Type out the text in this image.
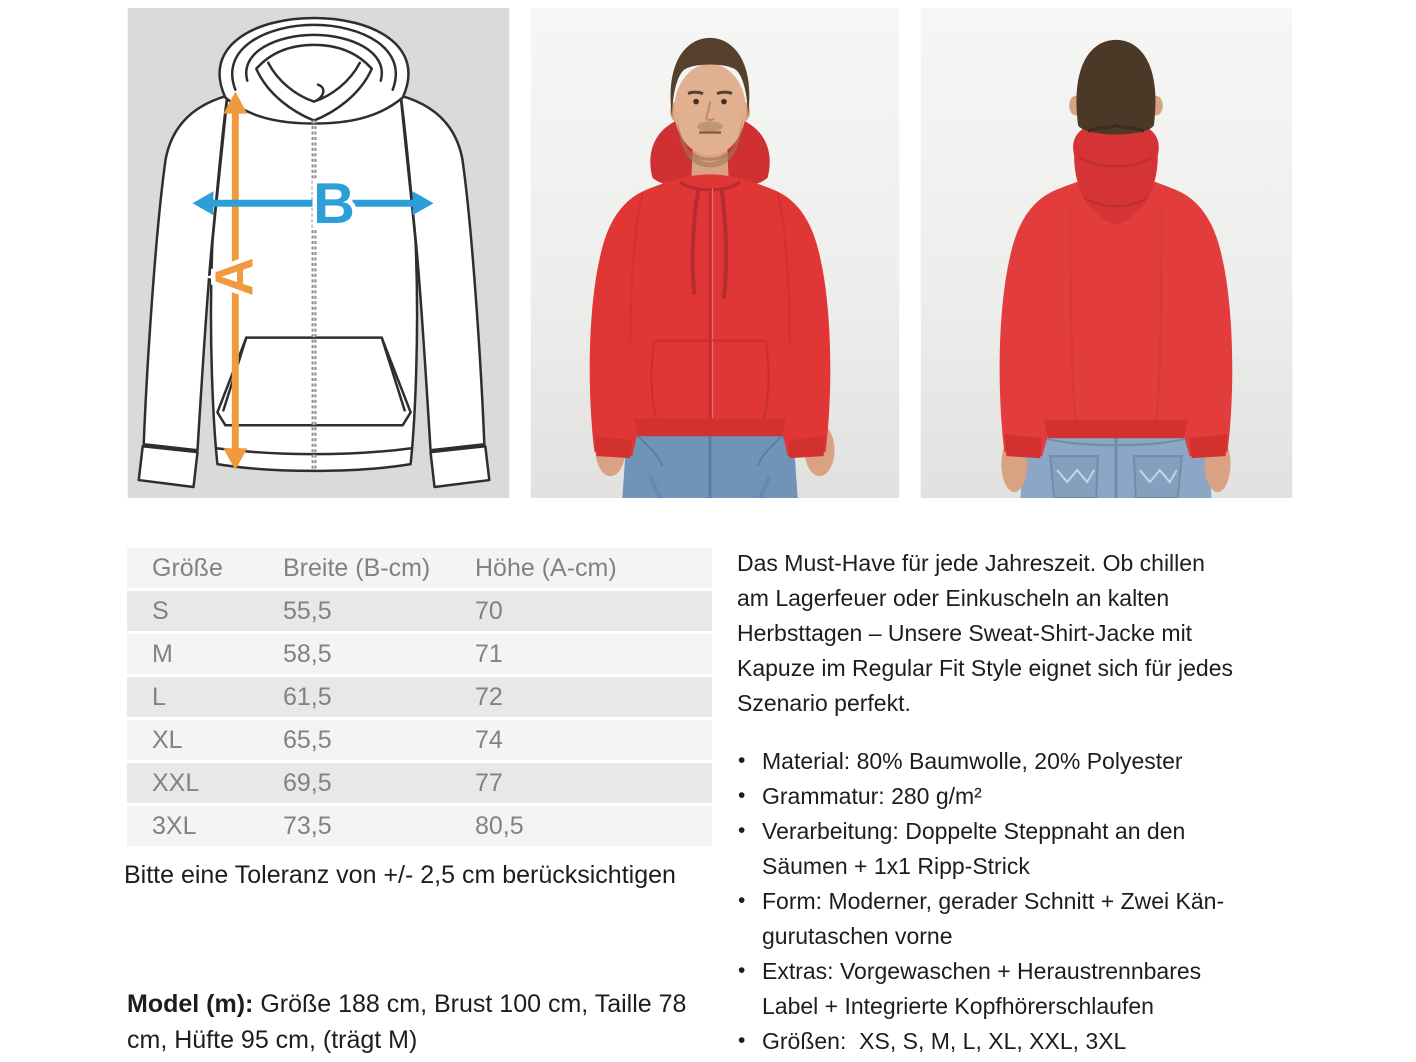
A
B
Größe	Breite (B-cm)	Höhe (A-cm)
S	55,5	70
M	58,5	71
L	61,5	72
XL	65,5	74
XXL	69,5	77
3XL	73,5	80,5

Bitte eine Toleranz von +/- 2,5 cm berücksichtigen

Model (m): Größe 188 cm, Brust 100 cm, Taille 78 cm, Hüfte 95 cm, (trägt M)

Das Must-Have für jede Jahreszeit. Ob chillen am Lagerfeuer oder Einkuscheln an kalten Herbsttagen – Unsere Sweat-Shirt-Jacke mit Kapuze im Regular Fit Style eignet sich für jedes Szenario perfekt.

• Material: 80% Baumwolle, 20% Polyester
• Grammatur: 280 g/m²
• Verarbeitung: Doppelte Steppnaht an den Säumen + 1x1 Ripp-Strick
• Form: Moderner, gerader Schnitt + Zwei Kängurutaschen vorne
• Extras: Vorgewaschen + Heraustrennbares Label + Integrierte Kopfhörerschlaufen
• Größen:  XS, S, M, L, XL, XXL, 3XL
